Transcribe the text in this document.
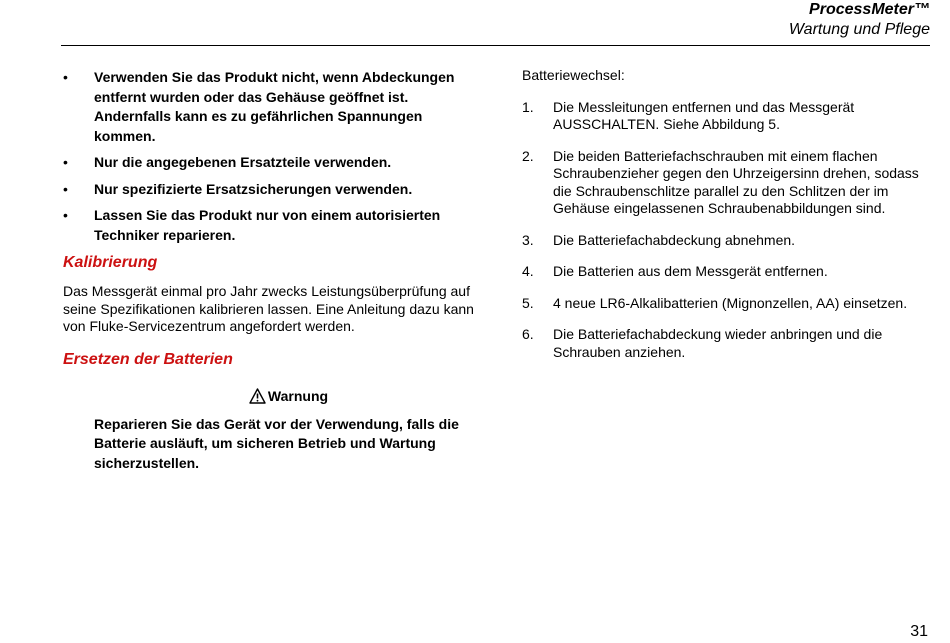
ProcessMeter™
Wartung und Pflege
• Verwenden Sie das Produkt nicht, wenn Abdeckungen entfernt wurden oder das Gehäuse geöffnet ist. Andernfalls kann es zu gefährlichen Spannungen kommen.
• Nur die angegebenen Ersatzteile verwenden.
• Nur spezifizierte Ersatzsicherungen verwenden.
• Lassen Sie das Produkt nur von einem autorisierten Techniker reparieren.
Kalibrierung

Das Messgerät einmal pro Jahr zwecks Leistungsüberprüfung auf seine Spezifikationen kalibrieren lassen. Eine Anleitung dazu kann von Fluke-Servicezentrum angefordert werden.

Ersetzen der Batterien
Warnung

Reparieren Sie das Gerät vor der Verwendung, falls die Batterie ausläuft, um sicheren Betrieb und Wartung sicherzustellen.

Batteriewechsel:

1. Die Messleitungen entfernen und das Messgerät AUSSCHALTEN. Siehe Abbildung 5.
2. Die beiden Batteriefachschrauben mit einem flachen Schraubenzieher gegen den Uhrzeigersinn drehen, sodass die Schraubenschlitze parallel zu den Schlitzen der im Gehäuse eingelassenen Schraubenabbildungen sind.
3. Die Batteriefachabdeckung abnehmen.
4. Die Batterien aus dem Messgerät entfernen.
5. 4 neue LR6-Alkalibatterien (Mignonzellen, AA) einsetzen.
6. Die Batteriefachabdeckung wieder anbringen und die Schrauben anziehen.
31
